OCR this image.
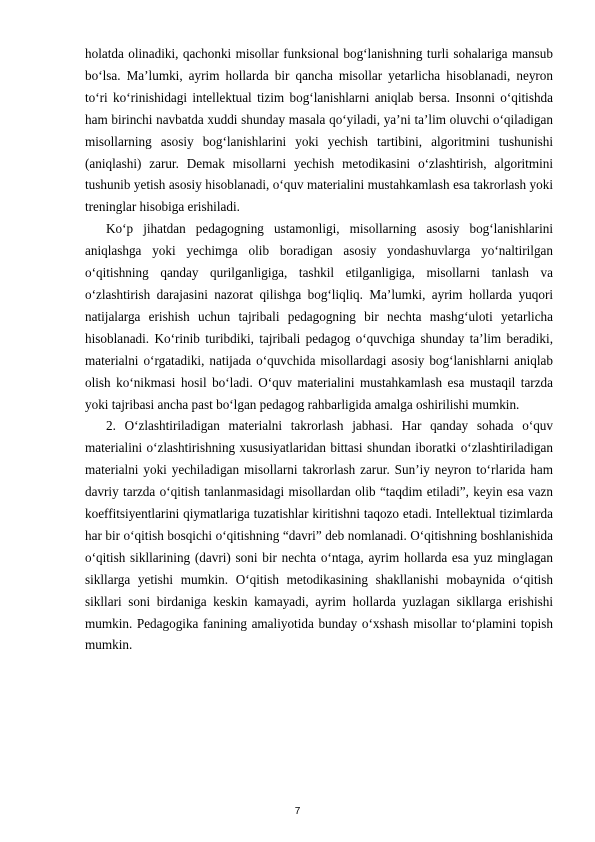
holatda olinadiki, qachonki misollar funksional bog‘lanishning turli sohalariga mansub bo‘lsa. Ma’lumki, ayrim hollarda bir qancha misollar yetarlicha hisoblanadi, neyron to‘ri ko‘rinishidagi intellektual tizim bog‘lanishlarni aniqlab bersa. Insonni o‘qitishda ham birinchi navbatda xuddi shunday masala qo‘yiladi, ya’ni ta’lim oluvchi o‘qiladigan misollarning asosiy bog‘lanishlarini yoki yechish tartibini, algoritmini tushunishi (aniqlashi) zarur. Demak misollarni yechish metodikasini o‘zlashtirish, algoritmini tushunib yetish asosiy hisoblanadi, o‘quv materialini mustahkamlash esa takrorlash yoki treninglar hisobiga erishiladi.

Ko‘p jihatdan pedagogning ustamonligi, misollarning asosiy bog‘lanishlarini aniqlashga yoki yechimga olib boradigan asosiy yondashuvlarga yo‘naltirilgan o‘qitishning qanday qurilganligiga, tashkil etilganligiga, misollarni tanlash va o‘zlashtirish darajasini nazorat qilishga bog‘liqliq. Ma’lumki, ayrim hollarda yuqori natijalarga erishish uchun tajribali pedagogning bir nechta mashg‘uloti yetarlicha hisoblanadi. Ko‘rinib turibdiki, tajribali pedagog o‘quvchiga shunday ta’lim beradiki, materialni o‘rgatadiki, natijada o‘quvchida misollardagi asosiy bog‘lanishlarni aniqlab olish ko‘nikmasi hosil bo‘ladi. O‘quv materialini mustahkamlash esa mustaqil tarzda yoki tajribasi ancha past bo‘lgan pedagog rahbarligida amalga oshirilishi mumkin.

2. O‘zlashtiriladigan materialni takrorlash jabhasi. Har qanday sohada o‘quv materialini o‘zlashtirishning xususiyatlaridan bittasi shundan iboratki o‘zlashtiriladigan materialni yoki yechiladigan misollarni takrorlash zarur. Sun’iy neyron to‘rlarida ham davriy tarzda o‘qitish tanlanmasidagi misollardan olib “taqdim etiladi”, keyin esa vazn koeffitsiyentlarini qiymatlariga tuzatishlar kiritishni taqozo etadi. Intellektual tizimlarda har bir o‘qitish bosqichi o‘qitishning “davri” deb nomlanadi. O‘qitishning boshlanishida o‘qitish sikllarining (davri) soni bir nechta o‘ntaga, ayrim hollarda esa yuz minglagan sikllarga yetishi mumkin. O‘qitish metodikasining shakllanishi mobaynida o‘qitish sikllari soni birdaniga keskin kamayadi, ayrim hollarda yuzlagan sikllarga erishishi mumkin. Pedagogika fanining amaliyotida bunday o‘xshash misollar to‘plamini topish mumkin.

7
